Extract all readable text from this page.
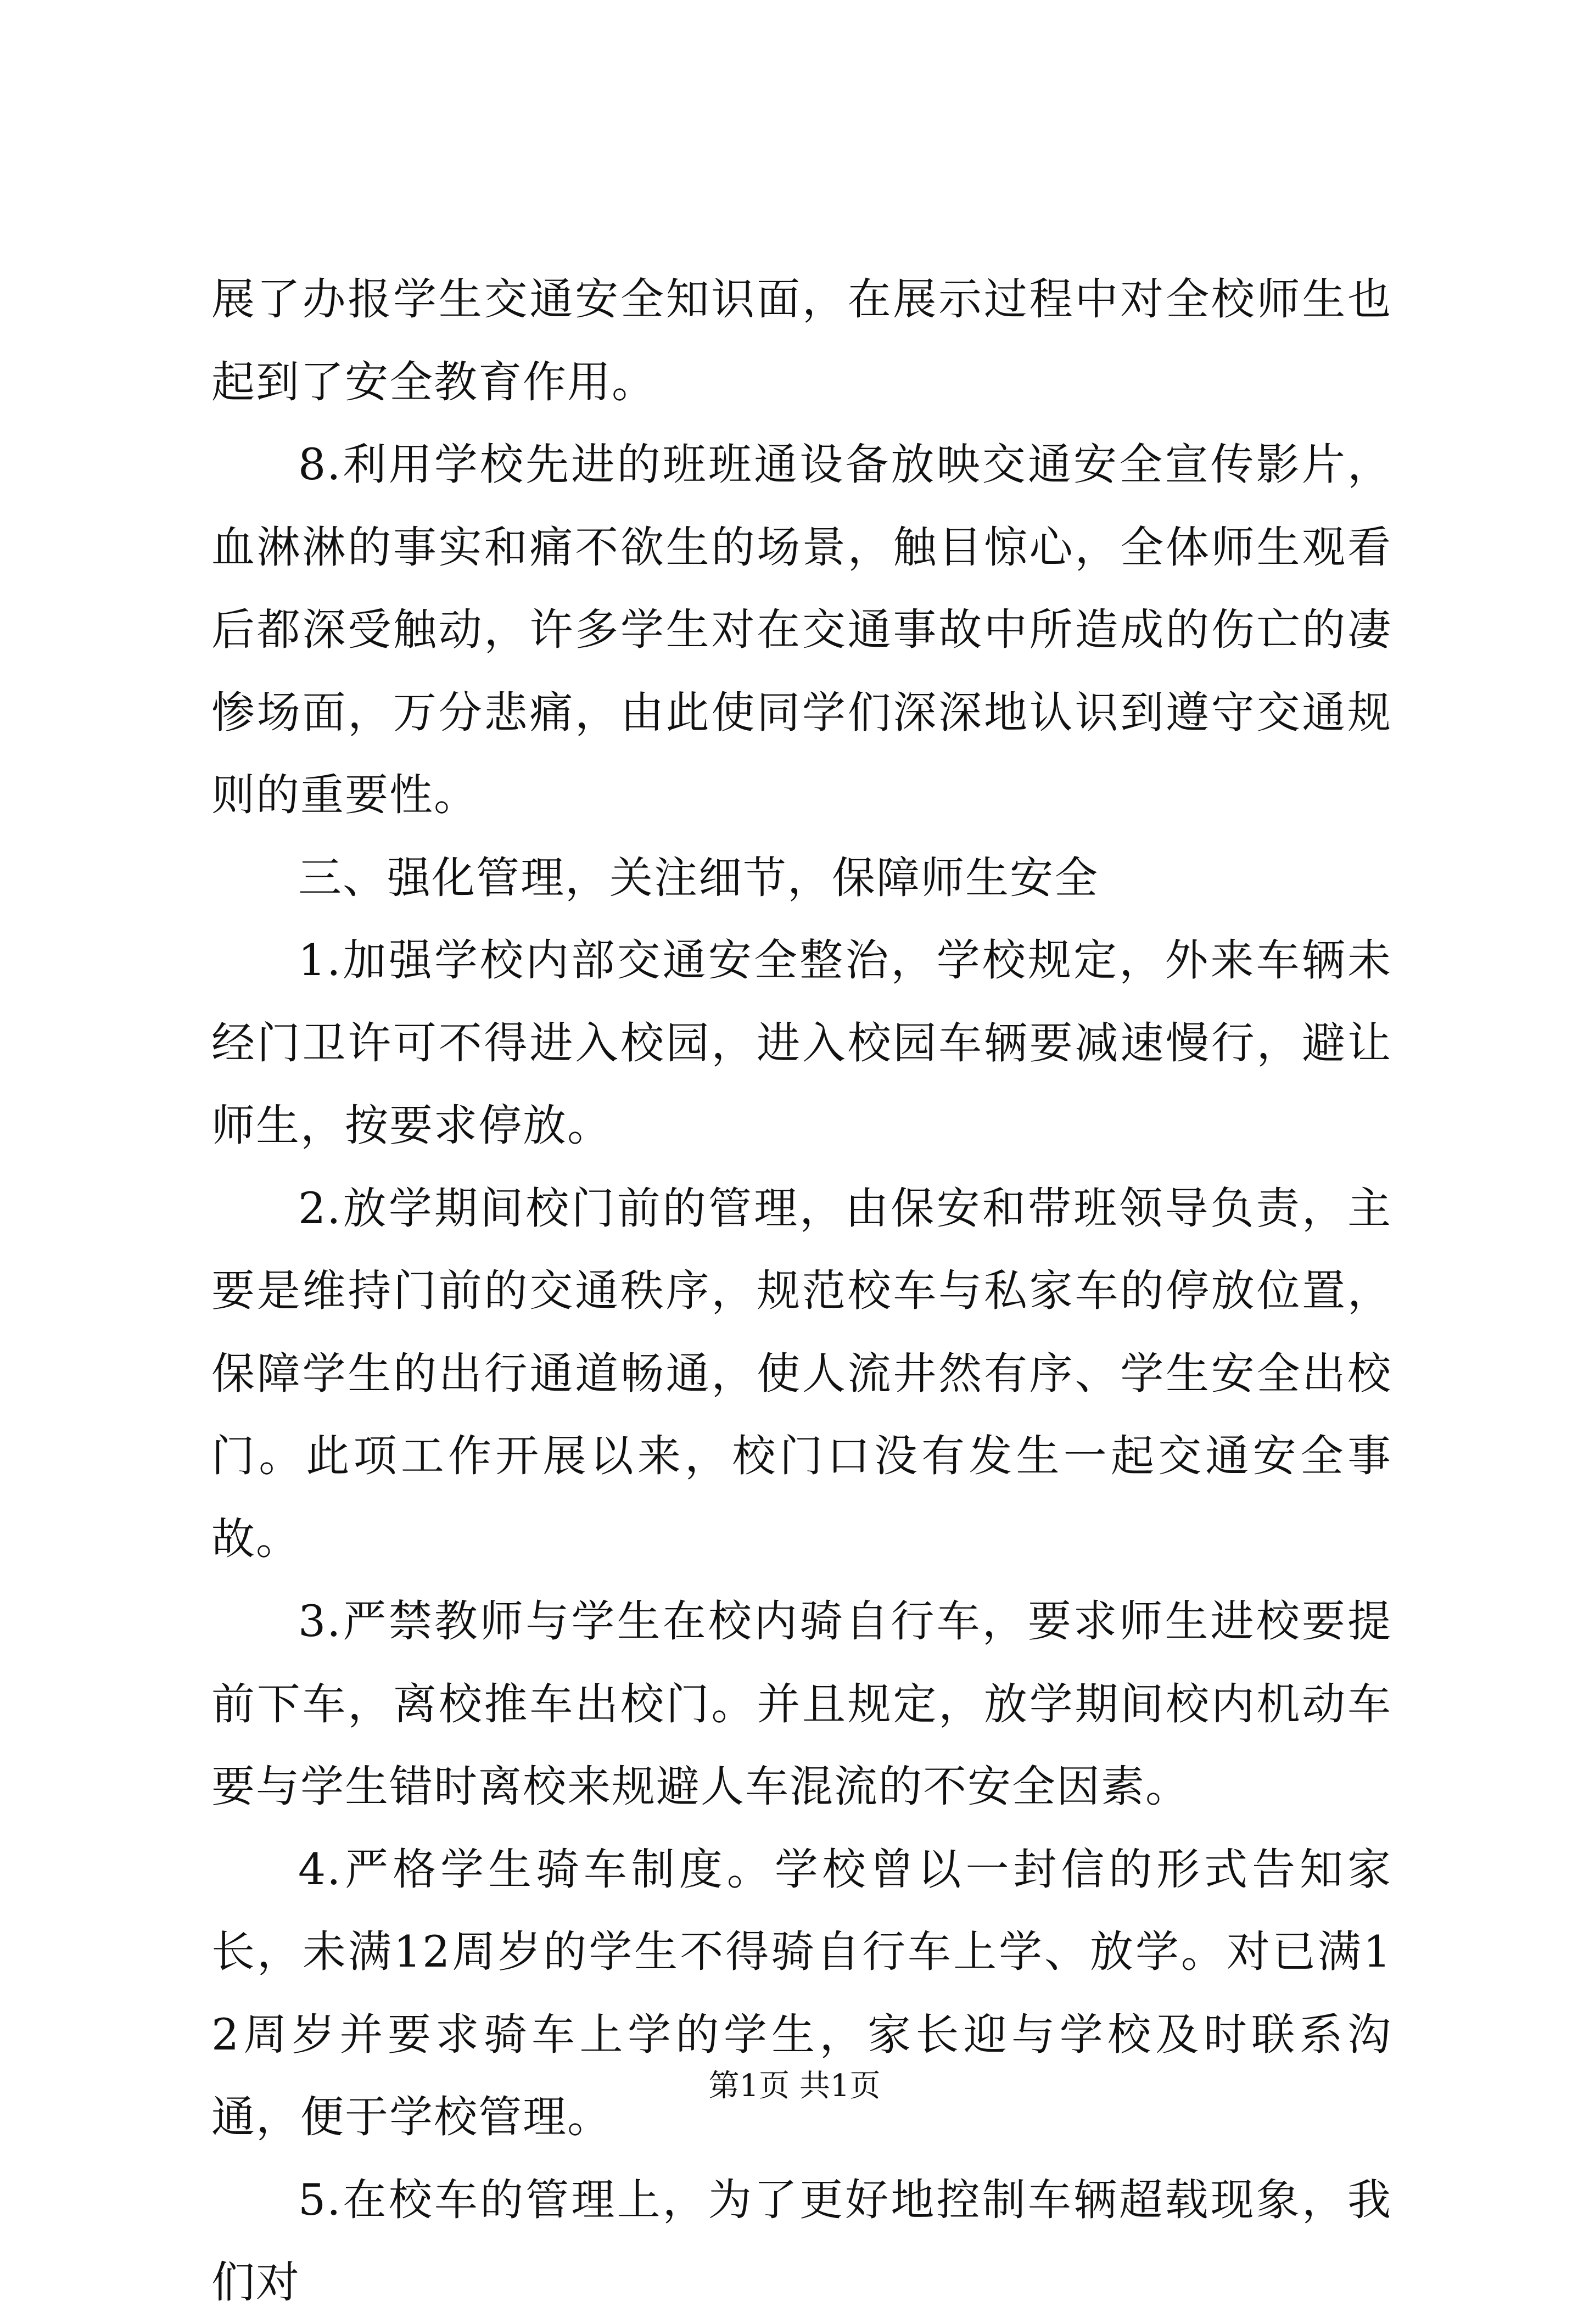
展了办报学生交通安全知识面，在展示过程中对全校师生也起到了安全教育作用。

8.利用学校先进的班班通设备放映交通安全宣传影片，血淋淋的事实和痛不欲生的场景，触目惊心，全体师生观看后都深受触动，许多学生对在交通事故中所造成的伤亡的凄惨场面，万分悲痛，由此使同学们深深地认识到遵守交通规则的重要性。

三、强化管理，关注细节，保障师生安全

1.加强学校内部交通安全整治，学校规定，外来车辆未经门卫许可不得进入校园，进入校园车辆要减速慢行，避让师生，按要求停放。

2.放学期间校门前的管理，由保安和带班领导负责，主要是维持门前的交通秩序，规范校车与私家车的停放位置，保障学生的出行通道畅通，使人流井然有序、学生安全出校门。此项工作开展以来，校门口没有发生一起交通安全事故。

3.严禁教师与学生在校内骑自行车，要求师生进校要提前下车，离校推车出校门。并且规定，放学期间校内机动车要与学生错时离校来规避人车混流的不安全因素。

4.严格学生骑车制度。学校曾以一封信的形式告知家长，未满12周岁的学生不得骑自行车上学、放学。对已满12周岁并要求骑车上学的学生，家长迎与学校及时联系沟通，便于学校管理。

5.在校车的管理上，为了更好地控制车辆超载现象，我们对

第1页 共1页
